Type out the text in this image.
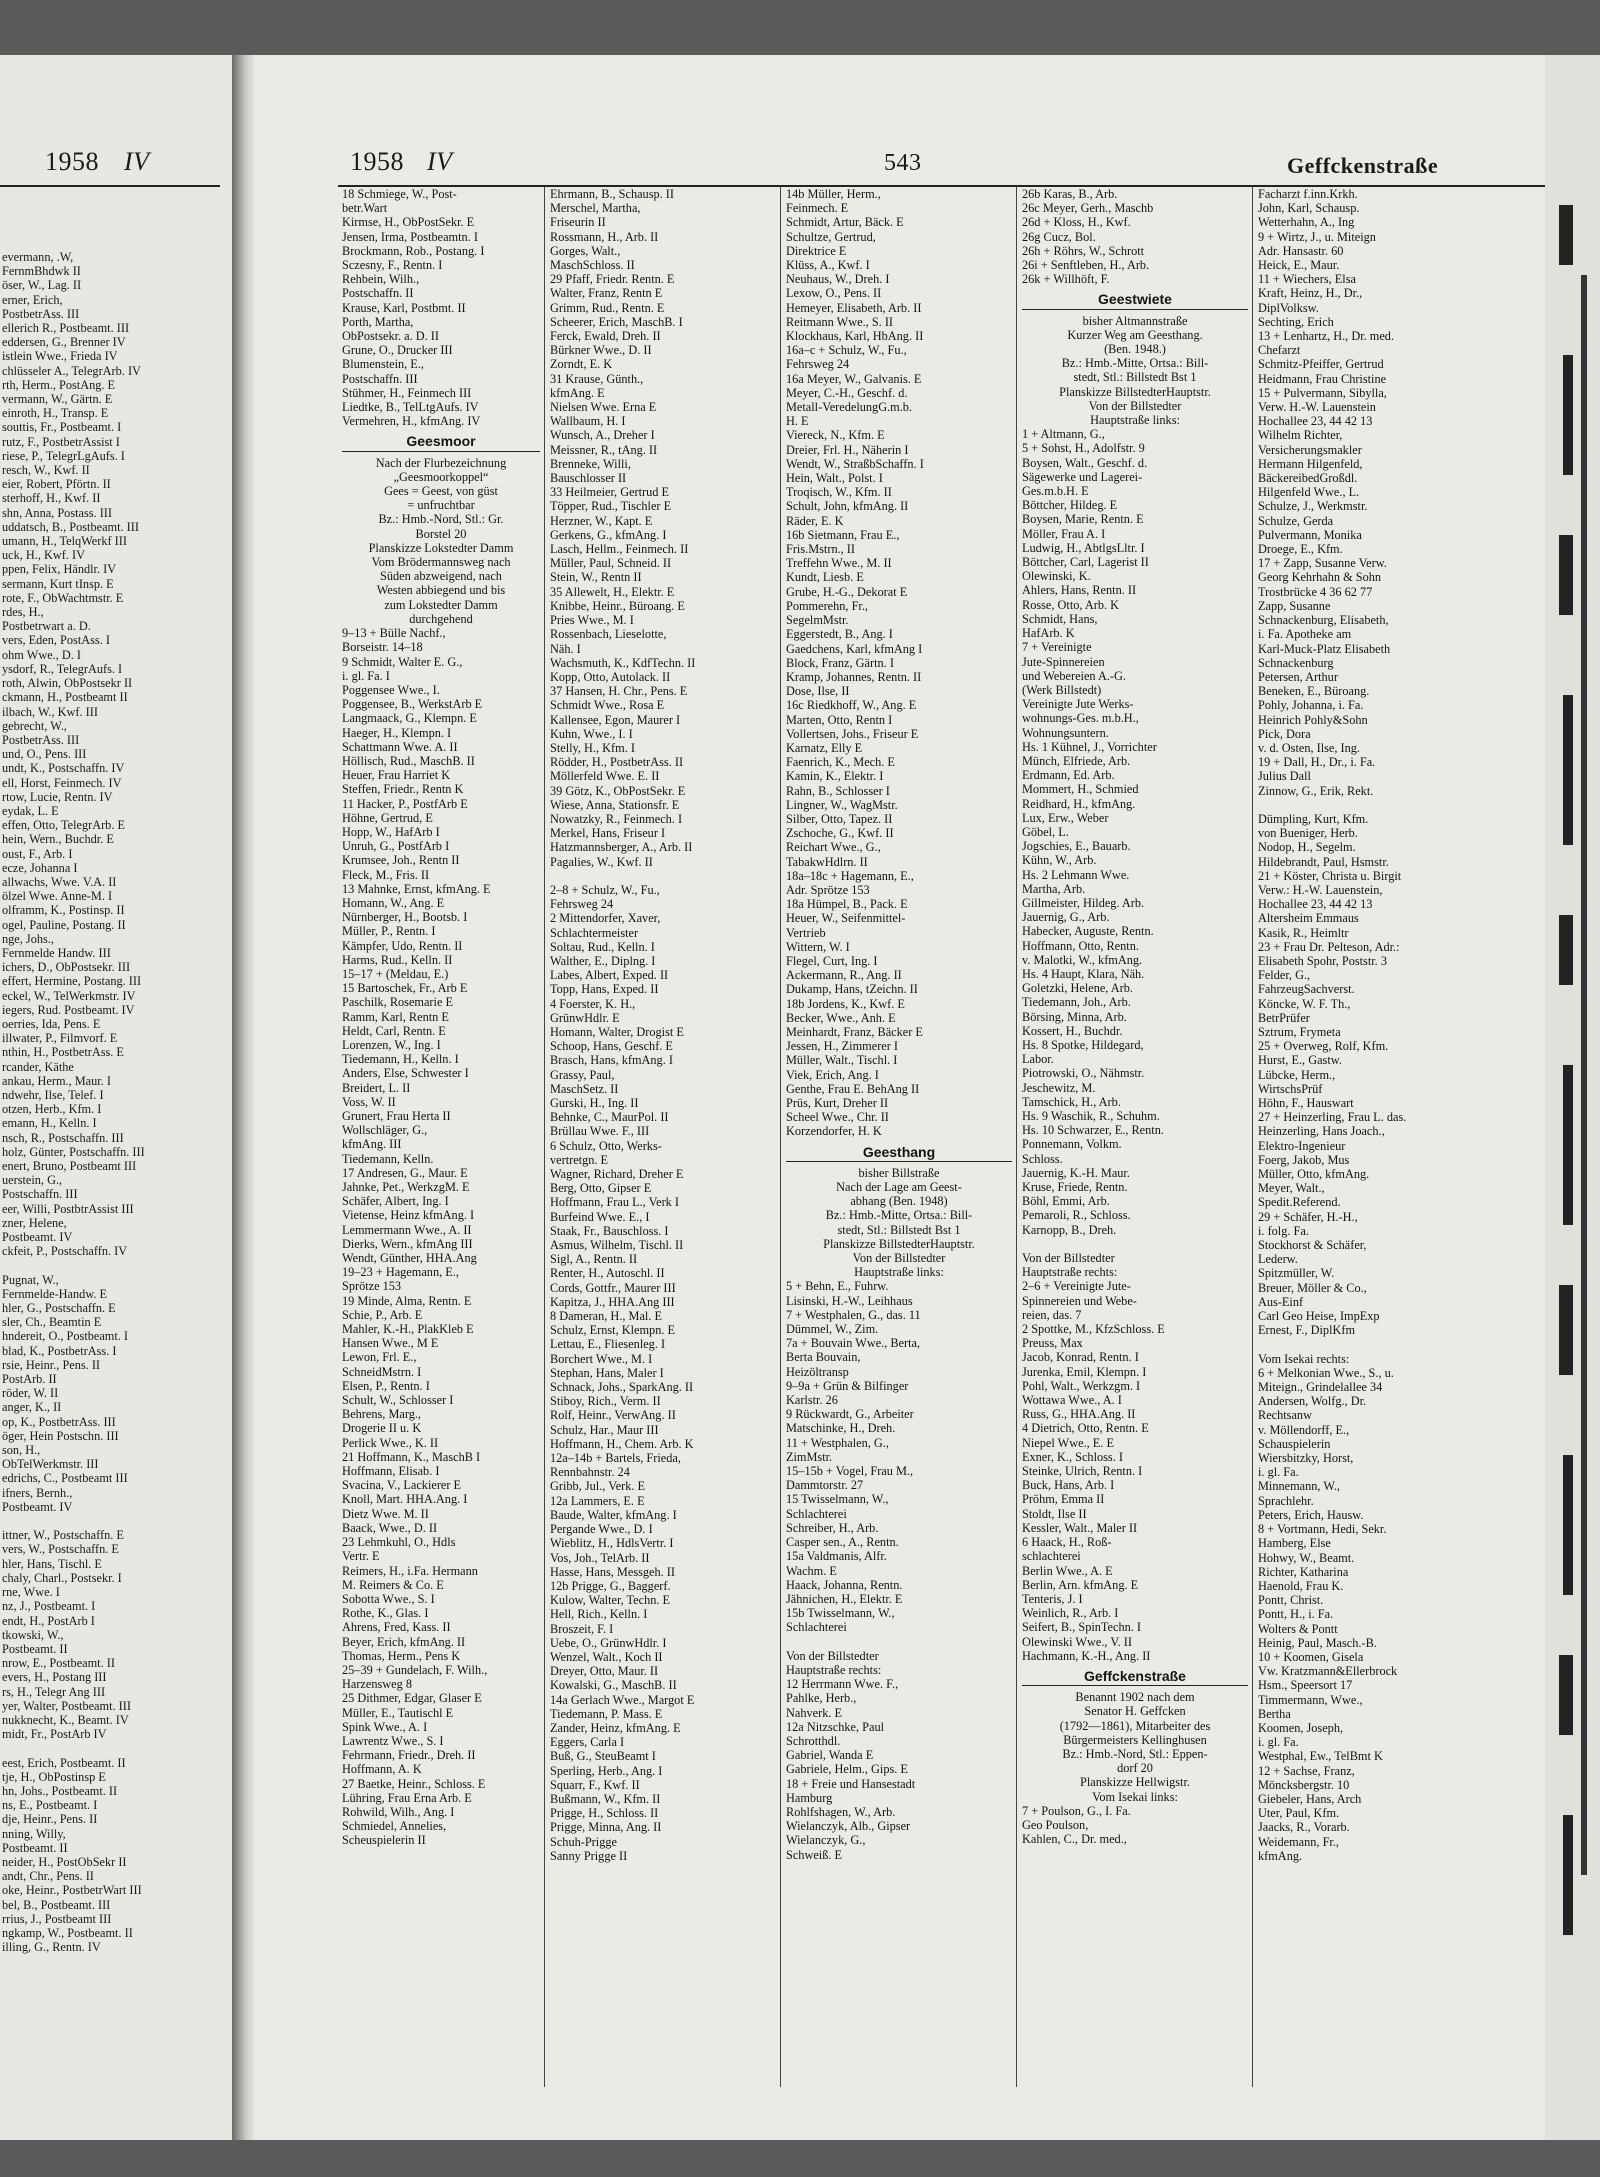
1958 IV
evermann, .W,
FernmBhdwk II
öser, W., Lag. II
erner, Erich,
PostbetrAss. III
ellerich R., Postbeamt. III
eddersen, G., Brenner IV
istlein Wwe., Frieda IV
chlüsseler A., TelegrArb. IV
rth, Herm., PostAng. E
vermann, W., Gärtn. E
einroth, H., Transp. E
souttis, Fr., Postbeamt. I
rutz, F., PostbetrAssist I
riese, P., TelegrLgAufs. I
resch, W., Kwf. II
eier, Robert, Pförtn. II
sterhoff, H., Kwf. II
shn, Anna, Postass. III
uddatsch, B., Postbeamt. III
umann, H., TelqWerkf III
uck, H., Kwf. IV
ppen, Felix, Händlr. IV
sermann, Kurt tInsp. E
rote, F., ObWachtmstr. E
rdes, H.,
Postbetrwart a. D.
vers, Eden, PostAss. I
ohm Wwe., D. I
ysdorf, R., TelegrAufs. I
roth, Alwin, ObPostsekr II
ckmann, H., Postbeamt II
ilbach, W., Kwf. III
gebrecht, W.,
PostbetrAss. III
und, O., Pens. III
undt, K., Postschaffn. IV
ell, Horst, Feinmech. IV
rtow, Lucie, Rentn. IV
eydak, L. E
effen, Otto, TelegrArb. E
hein, Wern., Buchdr. E
oust, F., Arb. I
ecze, Johanna I
allwachs, Wwe. V.A. II
ölzel Wwe. Anne-M. I
olframm, K., Postinsp. II
ogel, Pauline, Postang. II
nge, Johs.,
Fernmelde Handw. III
ichers, D., ObPostsekr. III
effert, Hermine, Postang. III
eckel, W., TelWerkmstr. IV
iegers, Rud. Postbeamt. IV
oerries, Ida, Pens. E
illwater, P., Filmvorf. E
nthin, H., PostbetrAss. E
rcander, Käthe
ankau, Herm., Maur. I
ndwehr, Ilse, Telef. I
otzen, Herb., Kfm. I
emann, H., Kelln. I
nsch, R., Postschaffn. III
holz, Günter, Postschaffn. III
enert, Bruno, Postbeamt III
uerstein, G.,
Postschaffn. III
eer, Willi, PostbtrAssist III
zner, Helene,
Postbeamt. IV
ckfeit, P., Postschaffn. IV

Pugnat, W.,
Fernmelde-Handw. E
hler, G., Postschaffn. E
sler, Ch., Beamtin E
hndereit, O., Postbeamt. I
blad, K., PostbetrAss. I
rsie, Heinr., Pens. II
PostArb. II
röder, W. II
anger, K., II
op, K., PostbetrAss. III
öger, Hein Postschn. III
son, H.,
ObTelWerkmstr. III
edrichs, C., Postbeamt III
ifners, Bernh.,
Postbeamt. IV

ittner, W., Postschaffn. E
vers, W., Postschaffn. E
hler, Hans, Tischl. E
chaly, Charl., Postsekr. I
rne, Wwe. I
nz, J., Postbeamt. I
endt, H., PostArb I
tkowski, W.,
Postbeamt. II
nrow, E., Postbeamt. II
evers, H., Postang III
rs, H., Telegr Ang III
yer, Walter, Postbeamt. III
nukknecht, K., Beamt. IV
midt, Fr., PostArb IV

eest, Erich, Postbeamt. II
tje, H., ObPostinsp E
hn, Johs., Postbeamt. II
ns, E., Postbeamt. I
dje, Heinr., Pens. II
nning, Willy,
Postbeamt. II
neider, H., PostObSekr II
andt, Chr., Pens. II
oke, Heinr., PostbetrWart III
bel, B., Postbeamt. III
rrius, J., Postbeamt III
ngkamp, W., Postbeamt. II
illing, G., Rentn. IV
1958 IV	543	Geffckenstraße
18 Schmiege, W., Post-
betr.Wart
Kirmse, H., ObPostSekr. E
Jensen, Irma, Postbeamtn. I
Brockmann, Rob., Postang. I
Sczesny, F., Rentn. I
Rehbein, Wilh.,
Postschaffn. II
Krause, Karl, Postbmt. II
Porth, Martha,
ObPostsekr. a. D. II
Grune, O., Drucker III
Blumenstein, E.,
Postschaffn. III
Stühmer, H., Feinmech III
Liedtke, B., TelLtgAufs. IV
Vermehren, H., kfmAng. IV
Geesmoor
Nach der Flurbezeichnung
„Geesmoorkoppel“
Gees = Geest, von güst
= unfruchtbar
Bz.: Hmb.-Nord, Stl.: Gr.
Borstel 20
Planskizze Lokstedter Damm
Vom Brödermannsweg nach
Süden abzweigend, nach
Westen abbiegend und bis
zum Lokstedter Damm
durchgehend
9–13 + Bülle Nachf.,
Borseistr. 14–18
9 Schmidt, Walter E. G.,
i. gl. Fa. I
Poggensee Wwe., I.
Poggensee, B., WerkstArb E
Langmaack, G., Klempn. E
Haeger, H., Klempn. I
Schattmann Wwe. A. II
Höllisch, Rud., MaschB. II
Heuer, Frau Harriet K
Steffen, Friedr., Rentn K
11 Hacker, P., PostfArb E
Höhne, Gertrud, E
Hopp, W., HafArb I
Unruh, G., PostfArb I
Krumsee, Joh., Rentn II
Fleck, M., Fris. II
13 Mahnke, Ernst, kfmAng. E
Homann, W., Ang. E
Nürnberger, H., Bootsb. I
Müller, P., Rentn. I
Kämpfer, Udo, Rentn. II
Harms, Rud., Kelln. II
15–17 + (Meldau, E.)
15 Bartoschek, Fr., Arb E
Paschilk, Rosemarie E
Ramm, Karl, Rentn E
Heldt, Carl, Rentn. E
Lorenzen, W., Ing. I
Tiedemann, H., Kelln. I
Anders, Else, Schwester I
Breidert, L. II
Voss, W. II
Grunert, Frau Herta II
Wollschläger, G.,
kfmAng. III
Tiedemann, Kelln.
17 Andresen, G., Maur. E
Jahnke, Pet., WerkzgM. E
Schäfer, Albert, Ing. I
Vietense, Heinz kfmAng. I
Lemmermann Wwe., A. II
Dierks, Wern., kfmAng III
Wendt, Günther, HHA.Ang
19–23 + Hagemann, E.,
Sprötze 153
19 Minde, Alma, Rentn. E
Schie, P., Arb. E
Mahler, K.-H., PlakKleb E
Hansen Wwe., M E
Lewon, Frl. E.,
SchneidMstrn. I
Elsen, P., Rentn. I
Schult, W., Schlosser I
Behrens, Marg.,
Drogerie II u. K
Perlick Wwe., K. II
21 Hoffmann, K., MaschB I
Hoffmann, Elisab. I
Svacina, V., Lackierer E
Knoll, Mart. HHA.Ang. I
Dietz Wwe. M. II
Baack, Wwe., D. II
23 Lehmkuhl, O., Hdls
Vertr. E
Reimers, H., i.Fa. Hermann
M. Reimers & Co. E
Sobotta Wwe., S. I
Rothe, K., Glas. I
Ahrens, Fred, Kass. II
Beyer, Erich, kfmAng. II
Thomas, Herm., Pens K
25–39 + Gundelach, F. Wilh.,
Harzensweg 8
25 Dithmer, Edgar, Glaser E
Müller, E., Tautischl E
Spink Wwe., A. I
Lawrentz Wwe., S. I
Fehrmann, Friedr., Dreh. II
Hoffmann, A. K
27 Baetke, Heinr., Schloss. E
Lühring, Frau Erna Arb. E
Rohwild, Wilh., Ang. I
Schmiedel, Annelies,
Scheuspielerin II
Ehrmann, B., Schausp. II
Merschel, Martha,
Friseurin II
Rossmann, H., Arb. II
Gorges, Walt.,
MaschSchloss. II
29 Pfaff, Friedr. Rentn. E
Walter, Franz, Rentn E
Grimm, Rud., Rentn. E
Scheerer, Erich, MaschB. I
Ferck, Ewald, Dreh. II
Bürkner Wwe., D. II
Zorndt, E. K
31 Krause, Günth.,
kfmAng. E
Nielsen Wwe. Erna E
Wallbaum, H. I
Wunsch, A., Dreher I
Meissner, R., tAng. II
Brenneke, Willi,
Bauschlosser II
33 Heilmeier, Gertrud E
Töpper, Rud., Tischler E
Herzner, W., Kapt. E
Gerkens, G., kfmAng. I
Lasch, Hellm., Feinmech. II
Müller, Paul, Schneid. II
Stein, W., Rentn II
35 Allewelt, H., Elektr. E
Knibbe, Heinr., Büroang. E
Pries Wwe., M. I
Rossenbach, Lieselotte,
Näh. I
Wachsmuth, K., KdfTechn. II
Kopp, Otto, Autolack. II
37 Hansen, H. Chr., Pens. E
Schmidt Wwe., Rosa E
Kallensee, Egon, Maurer I
Kuhn, Wwe., I. I
Stelly, H., Kfm. I
Rödder, H., PostbetrAss. II
Möllerfeld Wwe. E. II
39 Götz, K., ObPostSekr. E
Wiese, Anna, Stationsfr. E
Nowatzky, R., Feinmech. I
Merkel, Hans, Friseur I
Hatzmannsberger, A., Arb. II
Pagalies, W., Kwf. II

2–8 + Schulz, W., Fu.,
Fehrsweg 24
2 Mittendorfer, Xaver,
Schlachtermeister
Soltau, Rud., Kelln. I
Walther, E., Diplng. I
Labes, Albert, Exped. II
Topp, Hans, Exped. II
4 Foerster, K. H.,
GrünwHdlr. E
Homann, Walter, Drogist E
Schoop, Hans, Geschf. E
Brasch, Hans, kfmAng. I
Grassy, Paul,
MaschSetz. II
Gurski, H., Ing. II
Behnke, C., MaurPol. II
Brüllau Wwe. F., III
6 Schulz, Otto, Werks-
vertretgn. E
Wagner, Richard, Dreher E
Berg, Otto, Gipser E
Hoffmann, Frau L., Verk I
Burfeind Wwe. E., I
Staak, Fr., Bauschloss. I
Asmus, Wilhelm, Tischl. II
Sigl, A., Rentn. II
Renter, H., Autoschl. II
Cords, Gottfr., Maurer III
Kapitza, J., HHA.Ang III
8 Dameran, H., Mal. E
Schulz, Ernst, Klempn. E
Lettau, E., Fliesenleg. I
Borchert Wwe., M. I
Stephan, Hans, Maler I
Schnack, Johs., SparkAng. II
Stiboy, Rich., Verm. II
Rolf, Heinr., VerwAng. II
Schulz, Har., Maur III
Hoffmann, H., Chem. Arb. K
12a–14b + Bartels, Frieda,
Rennbahnstr. 24
Gribb, Jul., Verk. E
12a Lammers, E. E
Baude, Walter, kfmAng. I
Pergande Wwe., D. I
Wieblitz, H., HdlsVertr. I
Vos, Joh., TelArb. II
Hasse, Hans, Messgeh. II
12b Prigge, G., Baggerf.
Kulow, Walter, Techn. E
Hell, Rich., Kelln. I
Broszeit, F. I
Uebe, O., GrünwHdlr. I
Wenzel, Walt., Koch II
Dreyer, Otto, Maur. II
Kowalski, G., MaschB. II
14a Gerlach Wwe., Margot E
Tiedemann, P. Mass. E
Zander, Heinz, kfmAng. E
Eggers, Carla I
Buß, G., SteuBeamt I
Sperling, Herb., Ang. I
Squarr, F., Kwf. II
Bußmann, W., Kfm. II
Prigge, H., Schloss. II
Prigge, Minna, Ang. II
Schuh-Prigge
Sanny Prigge II
14b Müller, Herm.,
Feinmech. E
Schmidt, Artur, Bäck. E
Schultze, Gertrud,
Direktrice E
Klüss, A., Kwf. I
Neuhaus, W., Dreh. I
Lexow, O., Pens. II
Hemeyer, Elisabeth, Arb. II
Reitmann Wwe., S. II
Klockhaus, Karl, HbAng. II
16a–c + Schulz, W., Fu.,
Fehrsweg 24
16a Meyer, W., Galvanis. E
Meyer, C.-H., Geschf. d.
Metall-VeredelungG.m.b.
H. E
Viereck, N., Kfm. E
Dreier, Frl. H., Näherin I
Wendt, W., StraßbSchaffn. I
Hein, Walt., Polst. I
Troqisch, W., Kfm. II
Schult, John, kfmAng. II
Räder, E. K
16b Sietmann, Frau E.,
Fris.Mstrn., II
Treffehn Wwe., M. II
Kundt, Liesb. E
Grube, H.-G., Dekorat E
Pommerehn, Fr.,
SegelmMstr.
Eggerstedt, B., Ang. I
Gaedchens, Karl, kfmAng I
Block, Franz, Gärtn. I
Kramp, Johannes, Rentn. II
Dose, Ilse, II
16c Riedkhoff, W., Ang. E
Marten, Otto, Rentn I
Vollertsen, Johs., Friseur E
Karnatz, Elly E
Faenrich, K., Mech. E
Kamin, K., Elektr. I
Rahn, B., Schlosser I
Lingner, W., WagMstr.
Silber, Otto, Tapez. II
Zschoche, G., Kwf. II
Reichart Wwe., G.,
TabakwHdlrn. II
18a–18c + Hagemann, E.,
Adr. Sprötze 153
18a Hümpel, B., Pack. E
Heuer, W., Seifenmittel-
Vertrieb
Wittern, W. I
Flegel, Curt, Ing. I
Ackermann, R., Ang. II
Dukamp, Hans, tZeichn. II
18b Jordens, K., Kwf. E
Becker, Wwe., Anh. E
Meinhardt, Franz, Bäcker E
Jessen, H., Zimmerer I
Müller, Walt., Tischl. I
Viek, Erich, Ang. I
Genthe, Frau E. BehAng II
Prüs, Kurt, Dreher II
Scheel Wwe., Chr. II
Korzendorfer, H. K
Geesthang
bisher Billstraße
Nach der Lage am Geest-
abhang (Ben. 1948)
Bz.: Hmb.-Mitte, Ortsa.: Bill-
stedt, Stl.: Billstedt Bst 1
Planskizze BillstedterHauptstr.
Von der Billstedter
Hauptstraße links:
5 + Behn, E., Fuhrw.
Lisinski, H.-W., Leihhaus
7 + Westphalen, G., das. 11
Dümmel, W., Zim.
7a + Bouvain Wwe., Berta,
Berta Bouvain,
Heizöltransp
9–9a + Grün & Bilfinger
Karlstr. 26
9 Rückwardt, G., Arbeiter
Matschinke, H., Dreh.
11 + Westphalen, G.,
ZimMstr.
15–15b + Vogel, Frau M.,
Dammtorstr. 27
15 Twisselmann, W.,
Schlachterei
Schreiber, H., Arb.
Casper sen., A., Rentn.
15a Valdmanis, Alfr.
Wachm. E
Haack, Johanna, Rentn.
Jähnichen, H., Elektr. E
15b Twisselmann, W.,
Schlachterei

Von der Billstedter
Hauptstraße rechts:
12 Herrmann Wwe. F.,
Pahlke, Herb.,
Nahverk. E
12a Nitzschke, Paul
Schrotthdl.
Gabriel, Wanda E
Gabriele, Helm., Gips. E
18 + Freie und Hansestadt
Hamburg
Rohlfshagen, W., Arb.
Wielanczyk, Alb., Gipser
Wielanczyk, G.,
Schweiß. E
26b Karas, B., Arb.
26c Meyer, Gerh., Maschb
26d + Kloss, H., Kwf.
26g Cucz, Bol.
26h + Röhrs, W., Schrott
26i + Senftleben, H., Arb.
26k + Willhöft, F.
Geestwiete
bisher Altmannstraße
Kurzer Weg am Geesthang.
(Ben. 1948.)
Bz.: Hmb.-Mitte, Ortsa.: Bill-
stedt, Stl.: Billstedt Bst 1
Planskizze BillstedterHauptstr.
Von der Billstedter
Hauptstraße links:
1 + Altmann, G.,
5 + Sohst, H., Adolfstr. 9
Boysen, Walt., Geschf. d.
Sägewerke und Lagerei-
Ges.m.b.H. E
Böttcher, Hildeg. E
Boysen, Marie, Rentn. E
Möller, Frau A. I
Ludwig, H., AbtlgsLltr. I
Böttcher, Carl, Lagerist II
Olewinski, K.
Ahlers, Hans, Rentn. II
Rosse, Otto, Arb. K
Schmidt, Hans,
HafArb. K
7 + Vereinigte
Jute-Spinnereien
und Webereien A.-G.
(Werk Billstedt)
Vereinigte Jute Werks-
wohnungs-Ges. m.b.H.,
Wohnungsuntern.
Hs. 1 Kühnel, J., Vorrichter
Münch, Elfriede, Arb.
Erdmann, Ed. Arb.
Mommert, H., Schmied
Reidhard, H., kfmAng.
Lux, Erw., Weber
Göbel, L.
Jogschies, E., Bauarb.
Kühn, W., Arb.
Hs. 2 Lehmann Wwe.
Martha, Arb.
Gillmeister, Hildeg. Arb.
Jauernig, G., Arb.
Habecker, Auguste, Rentn.
Hoffmann, Otto, Rentn.
v. Malotki, W., kfmAng.
Hs. 4 Haupt, Klara, Näh.
Goletzki, Helene, Arb.
Tiedemann, Joh., Arb.
Börsing, Minna, Arb.
Kossert, H., Buchdr.
Hs. 8 Spotke, Hildegard,
Labor.
Piotrowski, O., Nähmstr.
Jeschewitz, M.
Tamschick, H., Arb.
Hs. 9 Waschik, R., Schuhm.
Hs. 10 Schwarzer, E., Rentn.
Ponnemann, Volkm.
Schloss.
Jauernig, K.-H. Maur.
Kruse, Friede, Rentn.
Böhl, Emmi, Arb.
Pemaroli, R., Schloss.
Karnopp, B., Dreh.

Von der Billstedter
Hauptstraße rechts:
2–6 + Vereinigte Jute-
Spinnereien und Webe-
reien, das. 7
2 Spottke, M., KfzSchloss. E
Preuss, Max
Jacob, Konrad, Rentn. I
Jurenka, Emil, Klempn. I
Pohl, Walt., Werkzgm. I
Wottawa Wwe., A. I
Russ, G., HHA.Ang. II
4 Dietrich, Otto, Rentn. E
Niepel Wwe., E. E
Exner, K., Schloss. I
Steinke, Ulrich, Rentn. I
Buck, Hans, Arb. I
Pröhm, Emma II
Stoldt, Ilse II
Kessler, Walt., Maler II
6 Haack, H., Roß-
schlachterei
Berlin Wwe., A. E
Berlin, Arn. kfmAng. E
Tenteris, J. I
Weinlich, R., Arb. I
Seifert, B., SpinTechn. I
Olewinski Wwe., V. II
Hachmann, K.-H., Ang. II
Geffckenstraße
Benannt 1902 nach dem
Senator H. Geffcken
(1792—1861), Mitarbeiter des
Bürgermeisters Kellinghusen
Bz.: Hmb.-Nord, Stl.: Eppen-
dorf 20
Planskizze Hellwigstr.
Vom Isekai links:
7 + Poulson, G., I. Fa.
Geo Poulson,
Kahlen, C., Dr. med.,
Facharzt f.inn.Krkh.
John, Karl, Schausp.
Wetterhahn, A., Ing
9 + Wirtz, J., u. Miteign
Adr. Hansastr. 60
Heick, E., Maur.
11 + Wiechers, Elsa
Kraft, Heinz, H., Dr.,
DiplVolksw.
Sechting, Erich
13 + Lenhartz, H., Dr. med.
Chefarzt
Schmitz-Pfeiffer, Gertrud
Heidmann, Frau Christine
15 + Pulvermann, Sibylla,
Verw. H.-W. Lauenstein
Hochallee 23, 44 42 13
Wilhelm Richter,
Versicherungsmakler
Hermann Hilgenfeld,
BäckereibedGroßdl.
Hilgenfeld Wwe., L.
Schulze, J., Werkmstr.
Schulze, Gerda
Pulvermann, Monika
Droege, E., Kfm.
17 + Zapp, Susanne Verw.
Georg Kehrhahn & Sohn
Trostbrücke 4 36 62 77
Zapp, Susanne
Schnackenburg, Elisabeth,
i. Fa. Apotheke am
Karl-Muck-Platz Elisabeth
Schnackenburg
Petersen, Arthur
Beneken, E., Büroang.
Pohly, Johanna, i. Fa.
Heinrich Pohly&Sohn
Pick, Dora
v. d. Osten, Ilse, Ing.
19 + Dall, H., Dr., i. Fa.
Julius Dall
Zinnow, G., Erik, Rekt.

Dümpling, Kurt, Kfm.
von Bueniger, Herb.
Nodop, H., Segelm.
Hildebrandt, Paul, Hsmstr.
21 + Köster, Christa u. Birgit
Verw.: H.-W. Lauenstein,
Hochallee 23, 44 42 13
Altersheim Emmaus
Kasik, R., Heimltr
23 + Frau Dr. Pelteson, Adr.:
Elisabeth Spohr, Poststr. 3
Felder, G.,
FahrzeugSachverst.
Köncke, W. F. Th.,
BetrPrüfer
Sztrum, Frymeta
25 + Overweg, Rolf, Kfm.
Hurst, E., Gastw.
Lübcke, Herm.,
WirtschsPrüf
Höhn, F., Hauswart
27 + Heinzerling, Frau L. das.
Heinzerling, Hans Joach.,
Elektro-Ingenieur
Foerg, Jakob, Mus
Müller, Otto, kfmAng.
Meyer, Walt.,
Spedit.Referend.
29 + Schäfer, H.-H.,
i. folg. Fa.
Stockhorst & Schäfer,
Lederw.
Spitzmüller, W.
Breuer, Möller & Co.,
Aus-Einf
Carl Geo Heise, ImpExp
Ernest, F., DiplKfm

Vom Isekai rechts:
6 + Melkonian Wwe., S., u.
Miteign., Grindelallee 34
Andersen, Wolfg., Dr.
Rechtsanw
v. Möllendorff, E.,
Schauspielerin
Wiersbitzky, Horst,
i. gl. Fa.
Minnemann, W.,
Sprachlehr.
Peters, Erich, Hausw.
8 + Vortmann, Hedi, Sekr.
Hamberg, Else
Hohwy, W., Beamt.
Richter, Katharina
Haenold, Frau K.
Pontt, Christ.
Pontt, H., i. Fa.
Wolters & Pontt
Heinig, Paul, Masch.-B.
10 + Koomen, Gisela
Vw. Kratzmann&Ellerbrock
Hsm., Speersort 17
Timmermann, Wwe.,
Bertha
Koomen, Joseph,
i. gl. Fa.
Westphal, Ew., TelBmt K
12 + Sachse, Franz,
Möncksbergstr. 10
Giebeler, Hans, Arch
Uter, Paul, Kfm.
Jaacks, R., Vorarb.
Weidemann, Fr.,
kfmAng.
